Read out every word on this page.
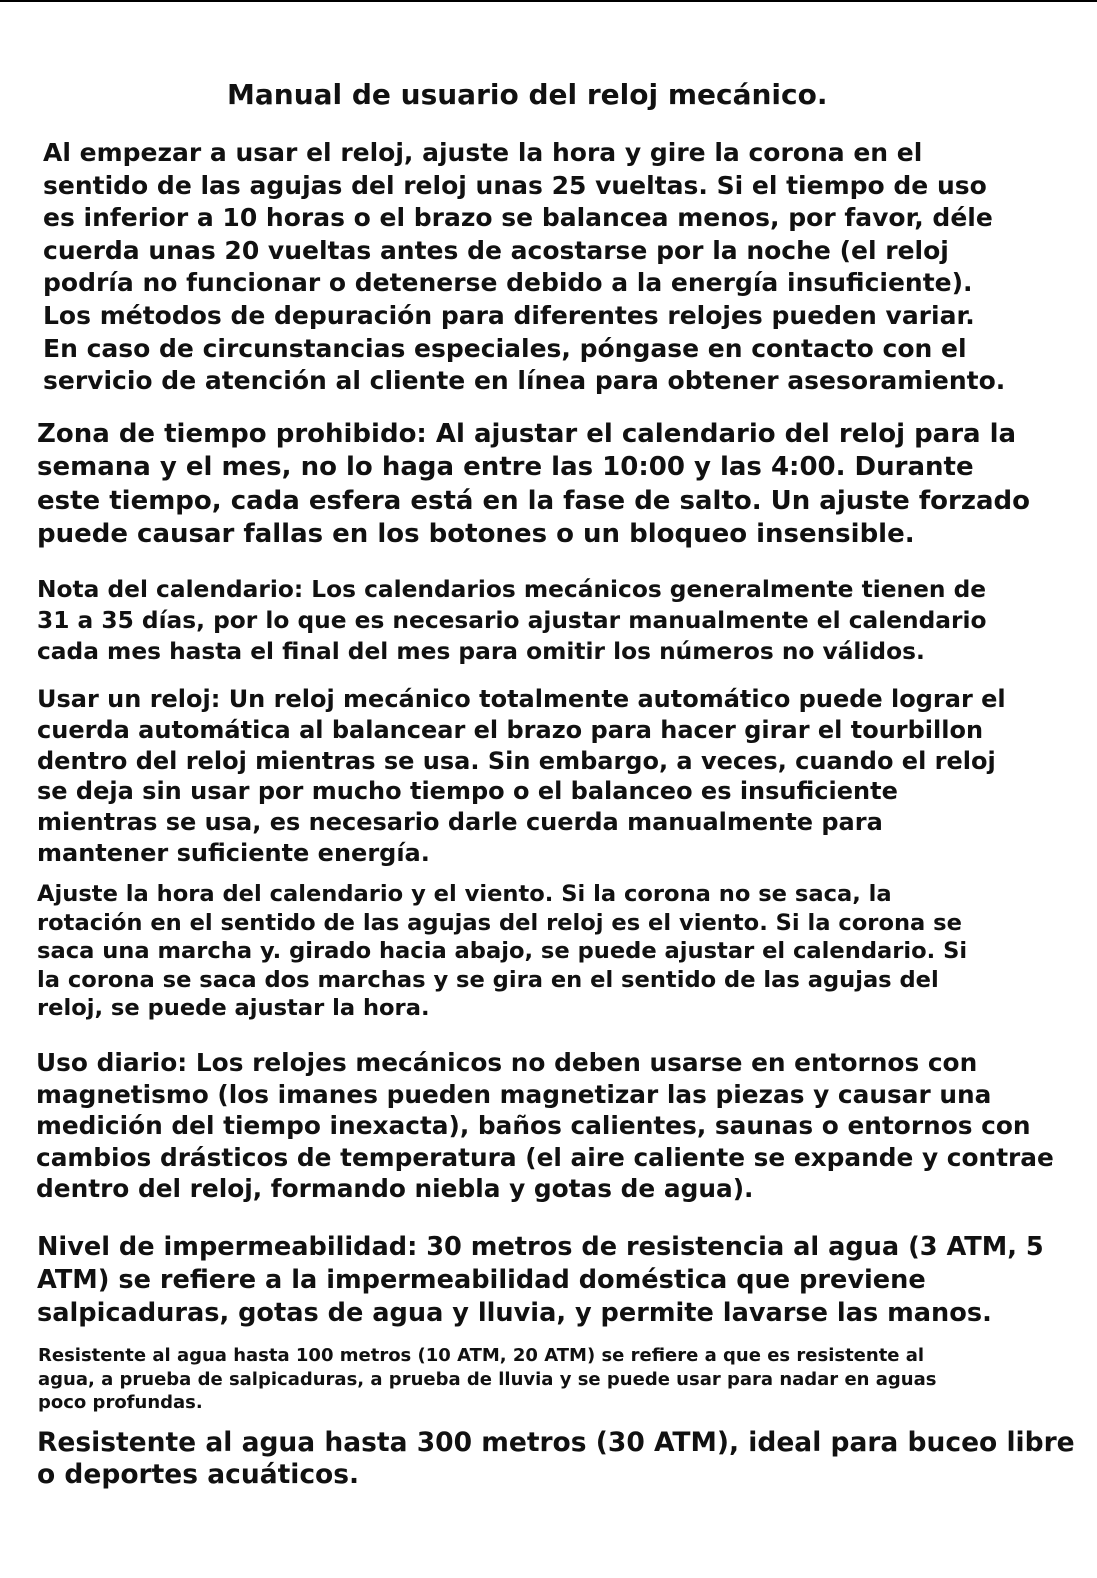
Manual de usuario del reloj mecánico.
Al empezar a usar el reloj, ajuste la hora y gire la corona en el
sentido de las agujas del reloj unas 25 vueltas. Si el tiempo de uso
es inferior a 10 horas o el brazo se balancea menos, por favor, déle
cuerda unas 20 vueltas antes de acostarse por la noche (el reloj
podría no funcionar o detenerse debido a la energía insuficiente).
Los métodos de depuración para diferentes relojes pueden variar.
En caso de circunstancias especiales, póngase en contacto con el
servicio de atención al cliente en línea para obtener asesoramiento.
Zona de tiempo prohibido: Al ajustar el calendario del reloj para la
semana y el mes, no lo haga entre las 10:00 y las 4:00. Durante
este tiempo, cada esfera está en la fase de salto. Un ajuste forzado
puede causar fallas en los botones o un bloqueo insensible.
Nota del calendario: Los calendarios mecánicos generalmente tienen de
31 a 35 días, por lo que es necesario ajustar manualmente el calendario
cada mes hasta el final del mes para omitir los números no válidos.
Usar un reloj: Un reloj mecánico totalmente automático puede lograr el
cuerda automática al balancear el brazo para hacer girar el tourbillon
dentro del reloj mientras se usa. Sin embargo, a veces, cuando el reloj
se deja sin usar por mucho tiempo o el balanceo es insuficiente
mientras se usa, es necesario darle cuerda manualmente para
mantener suficiente energía.
Ajuste la hora del calendario y el viento. Si la corona no se saca, la
rotación en el sentido de las agujas del reloj es el viento. Si la corona se
saca una marcha y. girado hacia abajo, se puede ajustar el calendario. Si
la corona se saca dos marchas y se gira en el sentido de las agujas del
reloj, se puede ajustar la hora.
Uso diario: Los relojes mecánicos no deben usarse en entornos con
magnetismo (los imanes pueden magnetizar las piezas y causar una
medición del tiempo inexacta), baños calientes, saunas o entornos con
cambios drásticos de temperatura (el aire caliente se expande y contrae
dentro del reloj, formando niebla y gotas de agua).
Nivel de impermeabilidad: 30 metros de resistencia al agua (3 ATM, 5
ATM) se refiere a la impermeabilidad doméstica que previene
salpicaduras, gotas de agua y lluvia, y permite lavarse las manos.
Resistente al agua hasta 100 metros (10 ATM, 20 ATM) se refiere a que es resistente al
agua, a prueba de salpicaduras, a prueba de lluvia y se puede usar para nadar en aguas
poco profundas.
Resistente al agua hasta 300 metros (30 ATM), ideal para buceo libre
o deportes acuáticos.
